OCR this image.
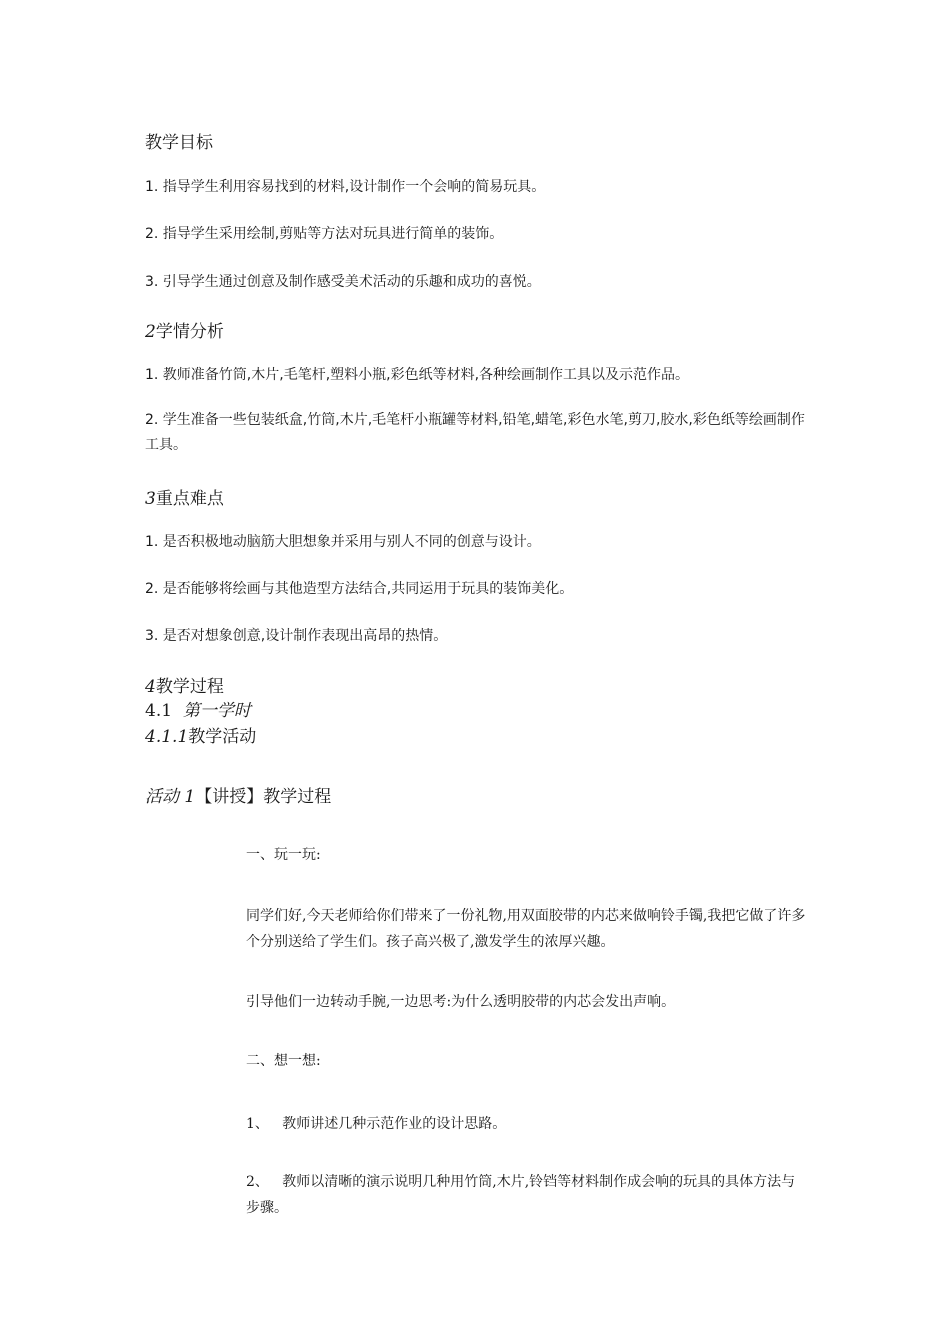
教学目标
1. 指导学生利用容易找到的材料,设计制作一个会响的简易玩具。
2. 指导学生采用绘制,剪贴等方法对玩具进行简单的装饰。
3. 引导学生通过创意及制作感受美术活动的乐趣和成功的喜悦。
2学情分析
1. 教师准备竹筒,木片,毛笔杆,塑料小瓶,彩色纸等材料,各种绘画制作工具以及示范作品。
2. 学生准备一些包装纸盒,竹筒,木片,毛笔杆小瓶罐等材料,铅笔,蜡笔,彩色水笔,剪刀,胶水,彩色纸等绘画制作工具。
3重点难点
1. 是否积极地动脑筋大胆想象并采用与别人不同的创意与设计。
2. 是否能够将绘画与其他造型方法结合,共同运用于玩具的装饰美化。
3. 是否对想象创意,设计制作表现出高昂的热情。
4教学过程
4.1 第一学时
4.1.1教学活动
活动 1【讲授】教学过程
一、玩一玩:
同学们好,今天老师给你们带来了一份礼物,用双面胶带的内芯来做响铃手镯,我把它做了许多个分别送给了学生们。孩子高兴极了,激发学生的浓厚兴趣。
引导他们一边转动手腕,一边思考:为什么透明胶带的内芯会发出声响。
二、想一想:
1、 教师讲述几种示范作业的设计思路。
2、 教师以清晰的演示说明几种用竹筒,木片,铃铛等材料制作成会响的玩具的具体方法与步骤。
